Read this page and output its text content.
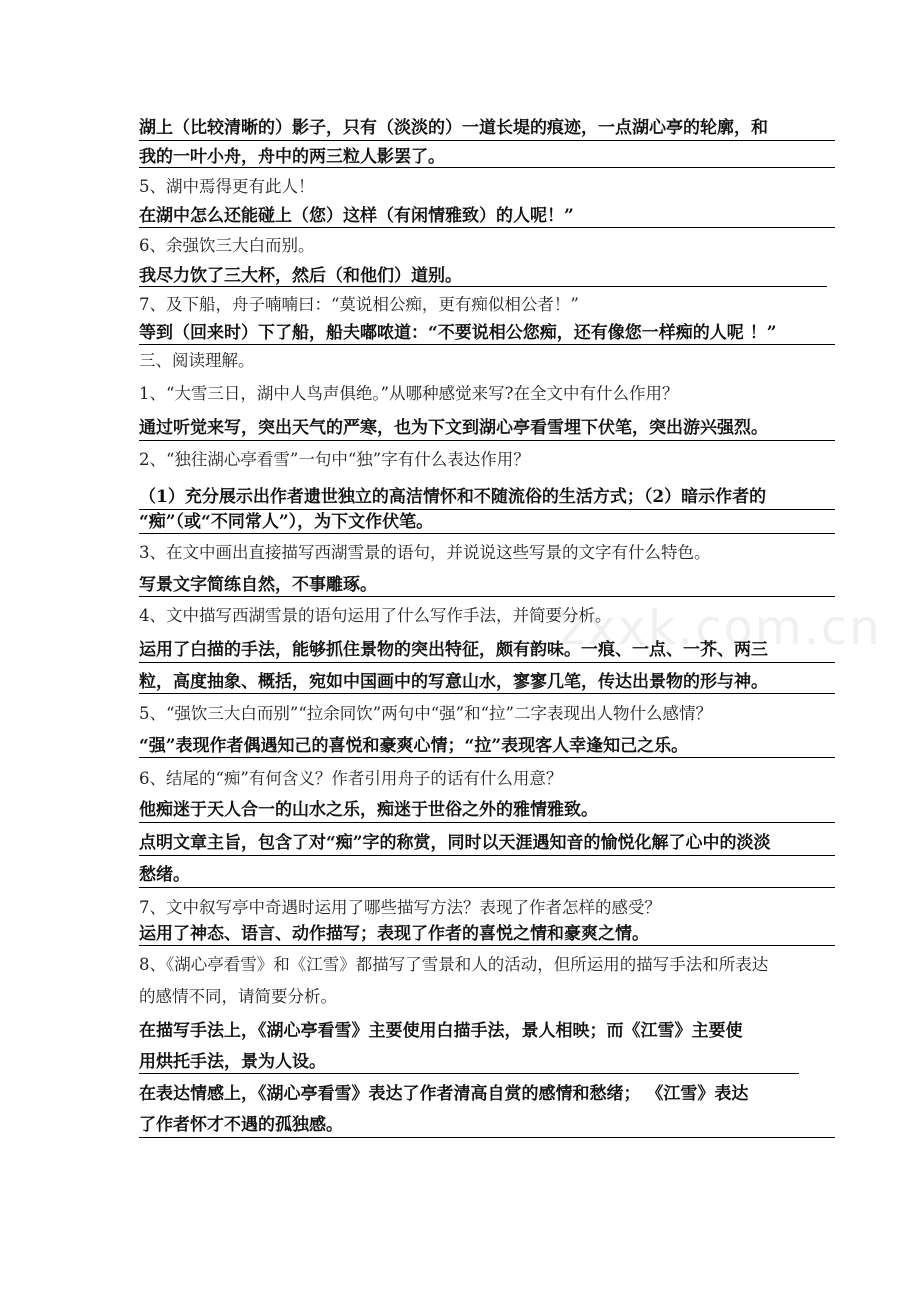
zxxk.com.cn
湖上（比较清晰的）影子，只有（淡淡的）一道长堤的痕迹，一点湖心亭的轮廓，和
我的一叶小舟，舟中的两三粒人影罢了。
5、湖中焉得更有此人！
在湖中怎么还能碰上（您）这样（有闲情雅致）的人呢！”
6、余强饮三大白而别。
我尽力饮了三大杯，然后（和他们）道别。
7、及下船，舟子喃喃曰：“莫说相公痴，更有痴似相公者！”
等到（回来时）下了船，船夫嘟哝道：“不要说相公您痴，还有像您一样痴的人呢 ！”
三、阅读理解。
1、“大雪三日，湖中人鸟声俱绝。”从哪种感觉来写?在全文中有什么作用？
通过听觉来写，突出天气的严寒，也为下文到湖心亭看雪埋下伏笔，突出游兴强烈。
2、“独往湖心亭看雪”一句中“独”字有什么表达作用？
（1）充分展示出作者遗世独立的高洁情怀和不随流俗的生活方式；（2）暗示作者的
“痴”（或“不同常人”），为下文作伏笔。
3、在文中画出直接描写西湖雪景的语句，并说说这些写景的文字有什么特色。
写景文字简练自然，不事雕琢。
4、文中描写西湖雪景的语句运用了什么写作手法，并简要分析。
运用了白描的手法，能够抓住景物的突出特征，颇有韵味。一痕、一点、一芥、两三
粒，高度抽象、概括，宛如中国画中的写意山水，寥寥几笔，传达出景物的形与神。
5、“强饮三大白而别”“拉余同饮”两句中“强”和“拉”二字表现出人物什么感情？
“强”表现作者偶遇知己的喜悦和豪爽心情；“拉”表现客人幸逢知己之乐。
6、结尾的“痴”有何含义？作者引用舟子的话有什么用意？
他痴迷于天人合一的山水之乐，痴迷于世俗之外的雅情雅致。
点明文章主旨，包含了对“痴”字的称赏，同时以天涯遇知音的愉悦化解了心中的淡淡
愁绪。
7、文中叙写亭中奇遇时运用了哪些描写方法？表现了作者怎样的感受？
运用了神态、语言、动作描写；表现了作者的喜悦之情和豪爽之情。
8、《湖心亭看雪》和《江雪》都描写了雪景和人的活动，但所运用的描写手法和所表达
的感情不同，请简要分析。
在描写手法上，《湖心亭看雪》主要使用白描手法，景人相映；而《江雪》主要使
用烘托手法，景为人设。
在表达情感上，《湖心亭看雪》表达了作者清高自赏的感情和愁绪； 《江雪》表达
了作者怀才不遇的孤独感。
